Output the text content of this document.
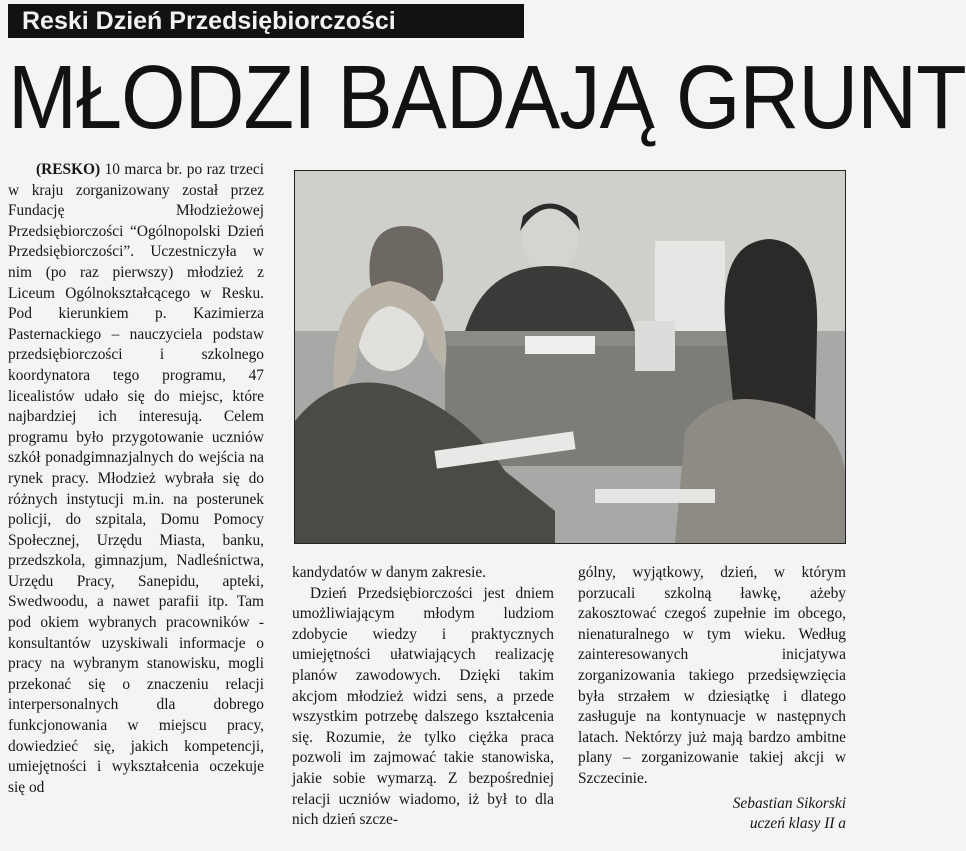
Reski Dzień Przedsiębiorczości
MŁODZI BADAJĄ GRUNT

(RESKO) 10 marca br. po raz trzeci w kraju zorganizowany został przez Fundację Młodzieżowej Przedsiębiorczości “Ogólnopolski Dzień Przedsiębiorczości”. Uczestniczyła w nim (po raz pierwszy) młodzież z Liceum Ogólnokształcącego w Resku. Pod kierunkiem p. Kazimierza Pasternackiego – nauczyciela podstaw przedsiębiorczości i szkolnego koordynatora tego programu, 47 licealistów udało się do miejsc, które najbardziej ich interesują. Celem programu było przygotowanie uczniów szkół ponadgimnazjalnych do wejścia na rynek pracy. Młodzież wybrała się do różnych instytucji m.in. na posterunek policji, do szpitala, Domu Pomocy Społecznej, Urzędu Miasta, banku, przedszkola, gimnazjum, Nadleśnictwa, Urzędu Pracy, Sanepidu, apteki, Swedwoodu, a nawet parafii itp. Tam pod okiem wybranych pracowników - konsultantów uzyskiwali informacje o pracy na wybranym stanowisku, mogli przekonać się o znaczeniu relacji interpersonalnych dla dobrego funkcjonowania w miejscu pracy, dowiedzieć się, jakich kompetencji, umiejętności i wykształcenia oczekuje się od

kandydatów w danym zakresie.

Dzień Przedsiębiorczości jest dniem umożliwiającym młodym ludziom zdobycie wiedzy i praktycznych umiejętności ułatwiających realizację planów zawodowych. Dzięki takim akcjom młodzież widzi sens, a przede wszystkim potrzebę dalszego kształcenia się. Rozumie, że tylko ciężka praca pozwoli im zajmować takie stanowiska, jakie sobie wymarzą. Z bezpośredniej relacji uczniów wiadomo, iż był to dla nich dzień szcze-

gólny, wyjątkowy, dzień, w którym porzucali szkolną ławkę, ażeby zakosztować czegoś zupełnie im obcego, nienaturalnego w tym wieku. Według zainteresowanych inicjatywa zorganizowania takiego przedsięwzięcia była strzałem w dziesiątkę i dlatego zasługuje na kontynuacje w następnych latach. Nektórzy już mają bardzo ambitne plany – zorganizowanie takiej akcji w Szczecinie.

Sebastian Sikorski
uczeń klasy II a
